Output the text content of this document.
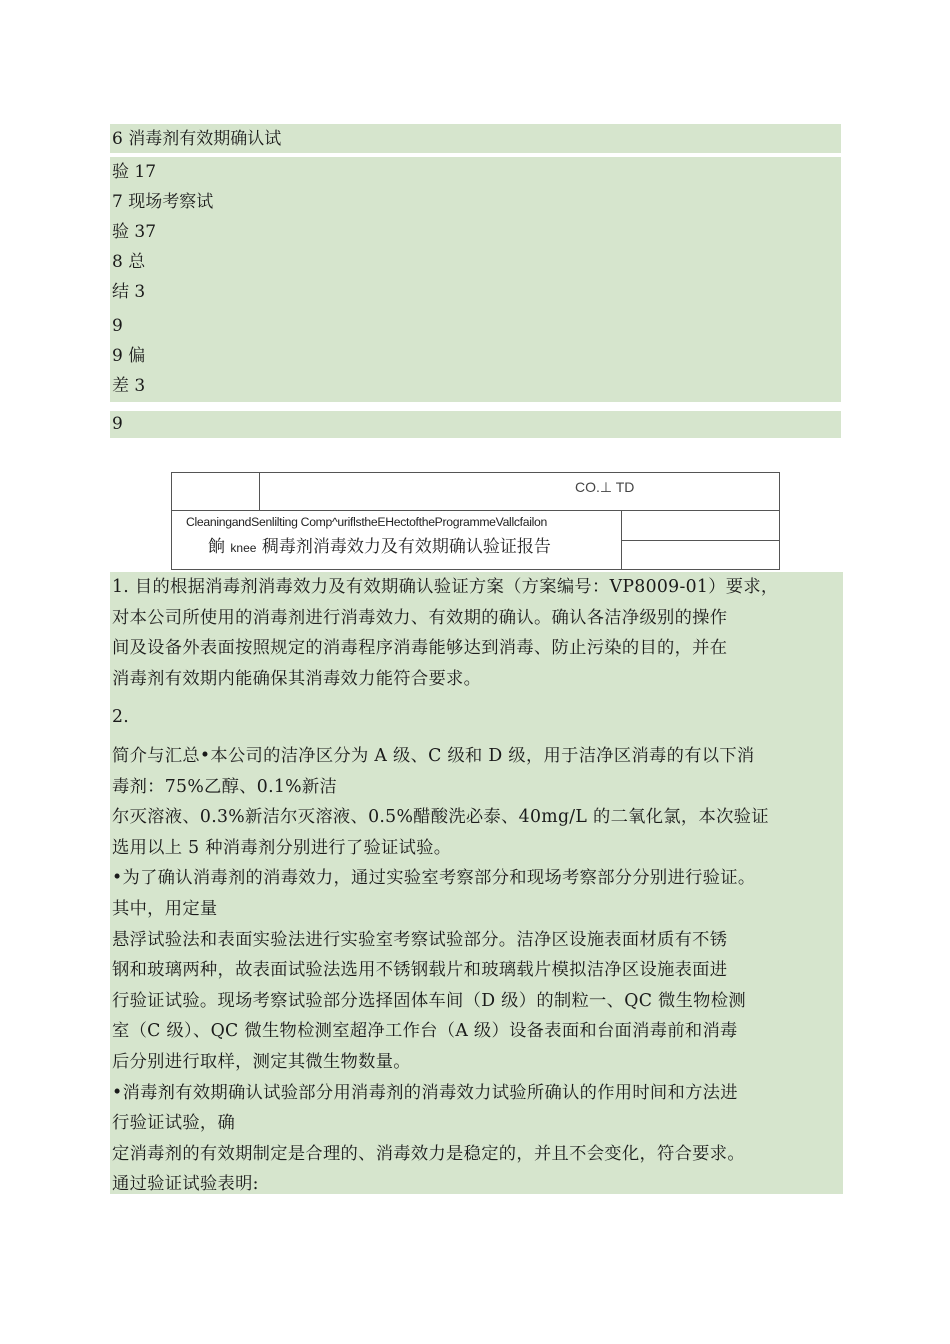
6 消毒剂有效期确认试
验 17
7 现场考察试
验 37
8 总
结 3
9
9 偏
差 3
9
CO.⊥ TD
CleaningandSenlilting Comp^uriflstheEHectoftheProgrammeVallcfailon
餉 knee 稠毒剂消毒效力及有效期确认验证报告
1. 目的根据消毒剂消毒效力及有效期确认验证方案（方案编号：VP8009-01）要求，
对本公司所使用的消毒剂进行消毒效力、有效期的确认。确认各洁净级别的操作
间及设备外表面按照规定的消毒程序消毒能够达到消毒、防止污染的目的，并在
消毒剂有效期内能确保其消毒效力能符合要求。
2.
简介与汇总•本公司的洁净区分为 A 级、C 级和 D 级，用于洁净区消毒的有以下消
毒剂：75%乙醇、0.1%新洁
尔灭溶液、0.3%新洁尔灭溶液、0.5%醋酸洗必泰、40mg/L 的二氧化氯，本次验证
选用以上 5 种消毒剂分别进行了验证试验。
•为了确认消毒剂的消毒效力，通过实验室考察部分和现场考察部分分别进行验证。
其中，用定量
悬浮试验法和表面实验法进行实验室考察试验部分。洁净区设施表面材质有不锈
钢和玻璃两种，故表面试验法选用不锈钢载片和玻璃载片模拟洁净区设施表面进
行验证试验。现场考察试验部分选择固体车间（D 级）的制粒一、QC 微生物检测
室（C 级）、QC 微生物检测室超净工作台（A 级）设备表面和台面消毒前和消毒
后分别进行取样，测定其微生物数量。
•消毒剂有效期确认试验部分用消毒剂的消毒效力试验所确认的作用时间和方法进
行验证试验，确
定消毒剂的有效期制定是合理的、消毒效力是稳定的，并且不会变化，符合要求。
通过验证试验表明:
